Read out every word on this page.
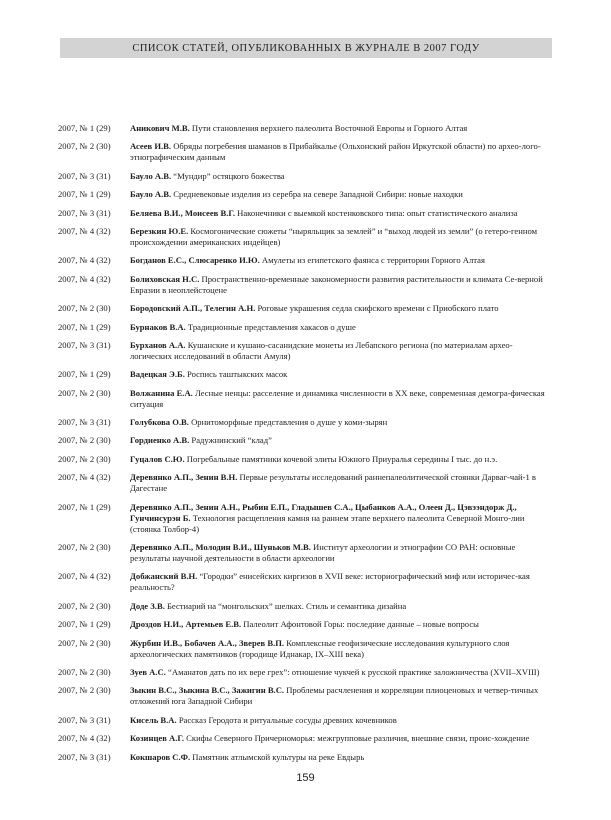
СПИСОК СТАТЕЙ, ОПУБЛИКОВАННЫХ В ЖУРНАЛЕ В 2007 ГОДУ
2007, № 1 (29)	Аникович М.В. Пути становления верхнего палеолита Восточной Европы и Горного Алтая
2007, № 2 (30)	Асеев И.В. Обряды погребения шаманов в Прибайкалье (Ольхонский район Иркутской области) по архео-лого-этнографическим данным
2007, № 3 (31)	Бауло А.В. “Мундир” остяцкого божества
2007, № 1 (29)	Бауло А.В. Средневековые изделия из серебра на севере Западной Сибири: новые находки
2007, № 3 (31)	Беляева В.И., Моисеев В.Г. Наконечники с выемкой костенковского типа: опыт статистического анализа
2007, № 4 (32)	Березкин Ю.Е. Космогонические сюжеты “ныряльщик за землей” и “выход людей из земли” (о гетеро-генном происхождении американских индейцев)
2007, № 4 (32)	Богданов Е.С., Слюсаренко И.Ю. Амулеты из египетского фаянса с территории Горного Алтая
2007, № 4 (32)	Болиховская Н.С. Пространственно-временные закономерности развития растительности и климата Се-верной Евразии в неоплейстоцене
2007, № 2 (30)	Бородовский А.П., Телегин А.Н. Роговые украшения седла скифского времени с Приобского плато
2007, № 1 (29)	Бурнаков В.А. Традиционные представления хакасов о душе
2007, № 3 (31)	Бурханов А.А. Кушанские и кушано-сасанидские монеты из Лебапского региона (по материалам архео-логических исследований в области Амуля)
2007, № 1 (29)	Вадецкая Э.Б. Роспись таштыкских масок
2007, № 2 (30)	Волжанина Е.А. Лесные ненцы: расселение и динамика численности в XX веке, современная демогра-фическая ситуация
2007, № 3 (31)	Голубкова О.В. Орнитоморфные представления о душе у коми-зырян
2007, № 2 (30)	Гордиенко А.В. Радужнинский “клад”
2007, № 2 (30)	Гуцалов С.Ю. Погребальные памятники кочевой элиты Южного Приуралья середины I тыс. до н.э.
2007, № 4 (32)	Деревянко А.П., Зенин В.Н. Первые результаты исследований раннепалеолитической стоянки Дарваг-чай-1 в Дагестане
2007, № 1 (29)	Деревянко А.П., Зенин А.Н., Рыбин Е.П., Гладышев С.А., Цыбанков А.А., Олеен Д., Цэвээндорж Д., Гунчинсурэн Б. Технология расщепления камня на раннем этапе верхнего палеолита Северной Монго-лии (стоянка Толбор-4)
2007, № 2 (30)	Деревянко А.П., Молодин В.И., Шуньков М.В. Институт археологии и этнографии СО РАН: основные результаты научной деятельности в области археологии
2007, № 4 (32)	Добжанский В.Н. “Городки” енисейских киргизов в XVII веке: историографический миф или историчес-кая реальность?
2007, № 2 (30)	Доде З.В. Бестиарий на “монгольских” шелках. Стиль и семантика дизайна
2007, № 1 (29)	Дроздов Н.И., Артемьев Е.В. Палеолит Афонтовой Горы: последние данные – новые вопросы
2007, № 2 (30)	Журбин И.В., Бобачев А.А., Зверев В.П. Комплексные геофизические исследования культурного слоя археологических памятников (городище Иднакар, IX–XIII века)
2007, № 2 (30)	Зуев А.С. “Аманатов дать по их вере грех”: отношение чукчей к русской практике заложничества (XVII–XVIII)
2007, № 2 (30)	Зыкин В.С., Зыкина В.С., Зажигин В.С. Проблемы расчленения и корреляции плиоценовых и четвер-тичных отложений юга Западной Сибири
2007, № 3 (31)	Кисель В.А. Рассказ Геродота и ритуальные сосуды древних кочевников
2007, № 4 (32)	Козинцев А.Г. Скифы Северного Причерноморья: межгрупповые различия, внешние связи, проис-хождение
2007, № 3 (31)	Кокшаров С.Ф. Памятник атлымской культуры на реке Евдырь
159
